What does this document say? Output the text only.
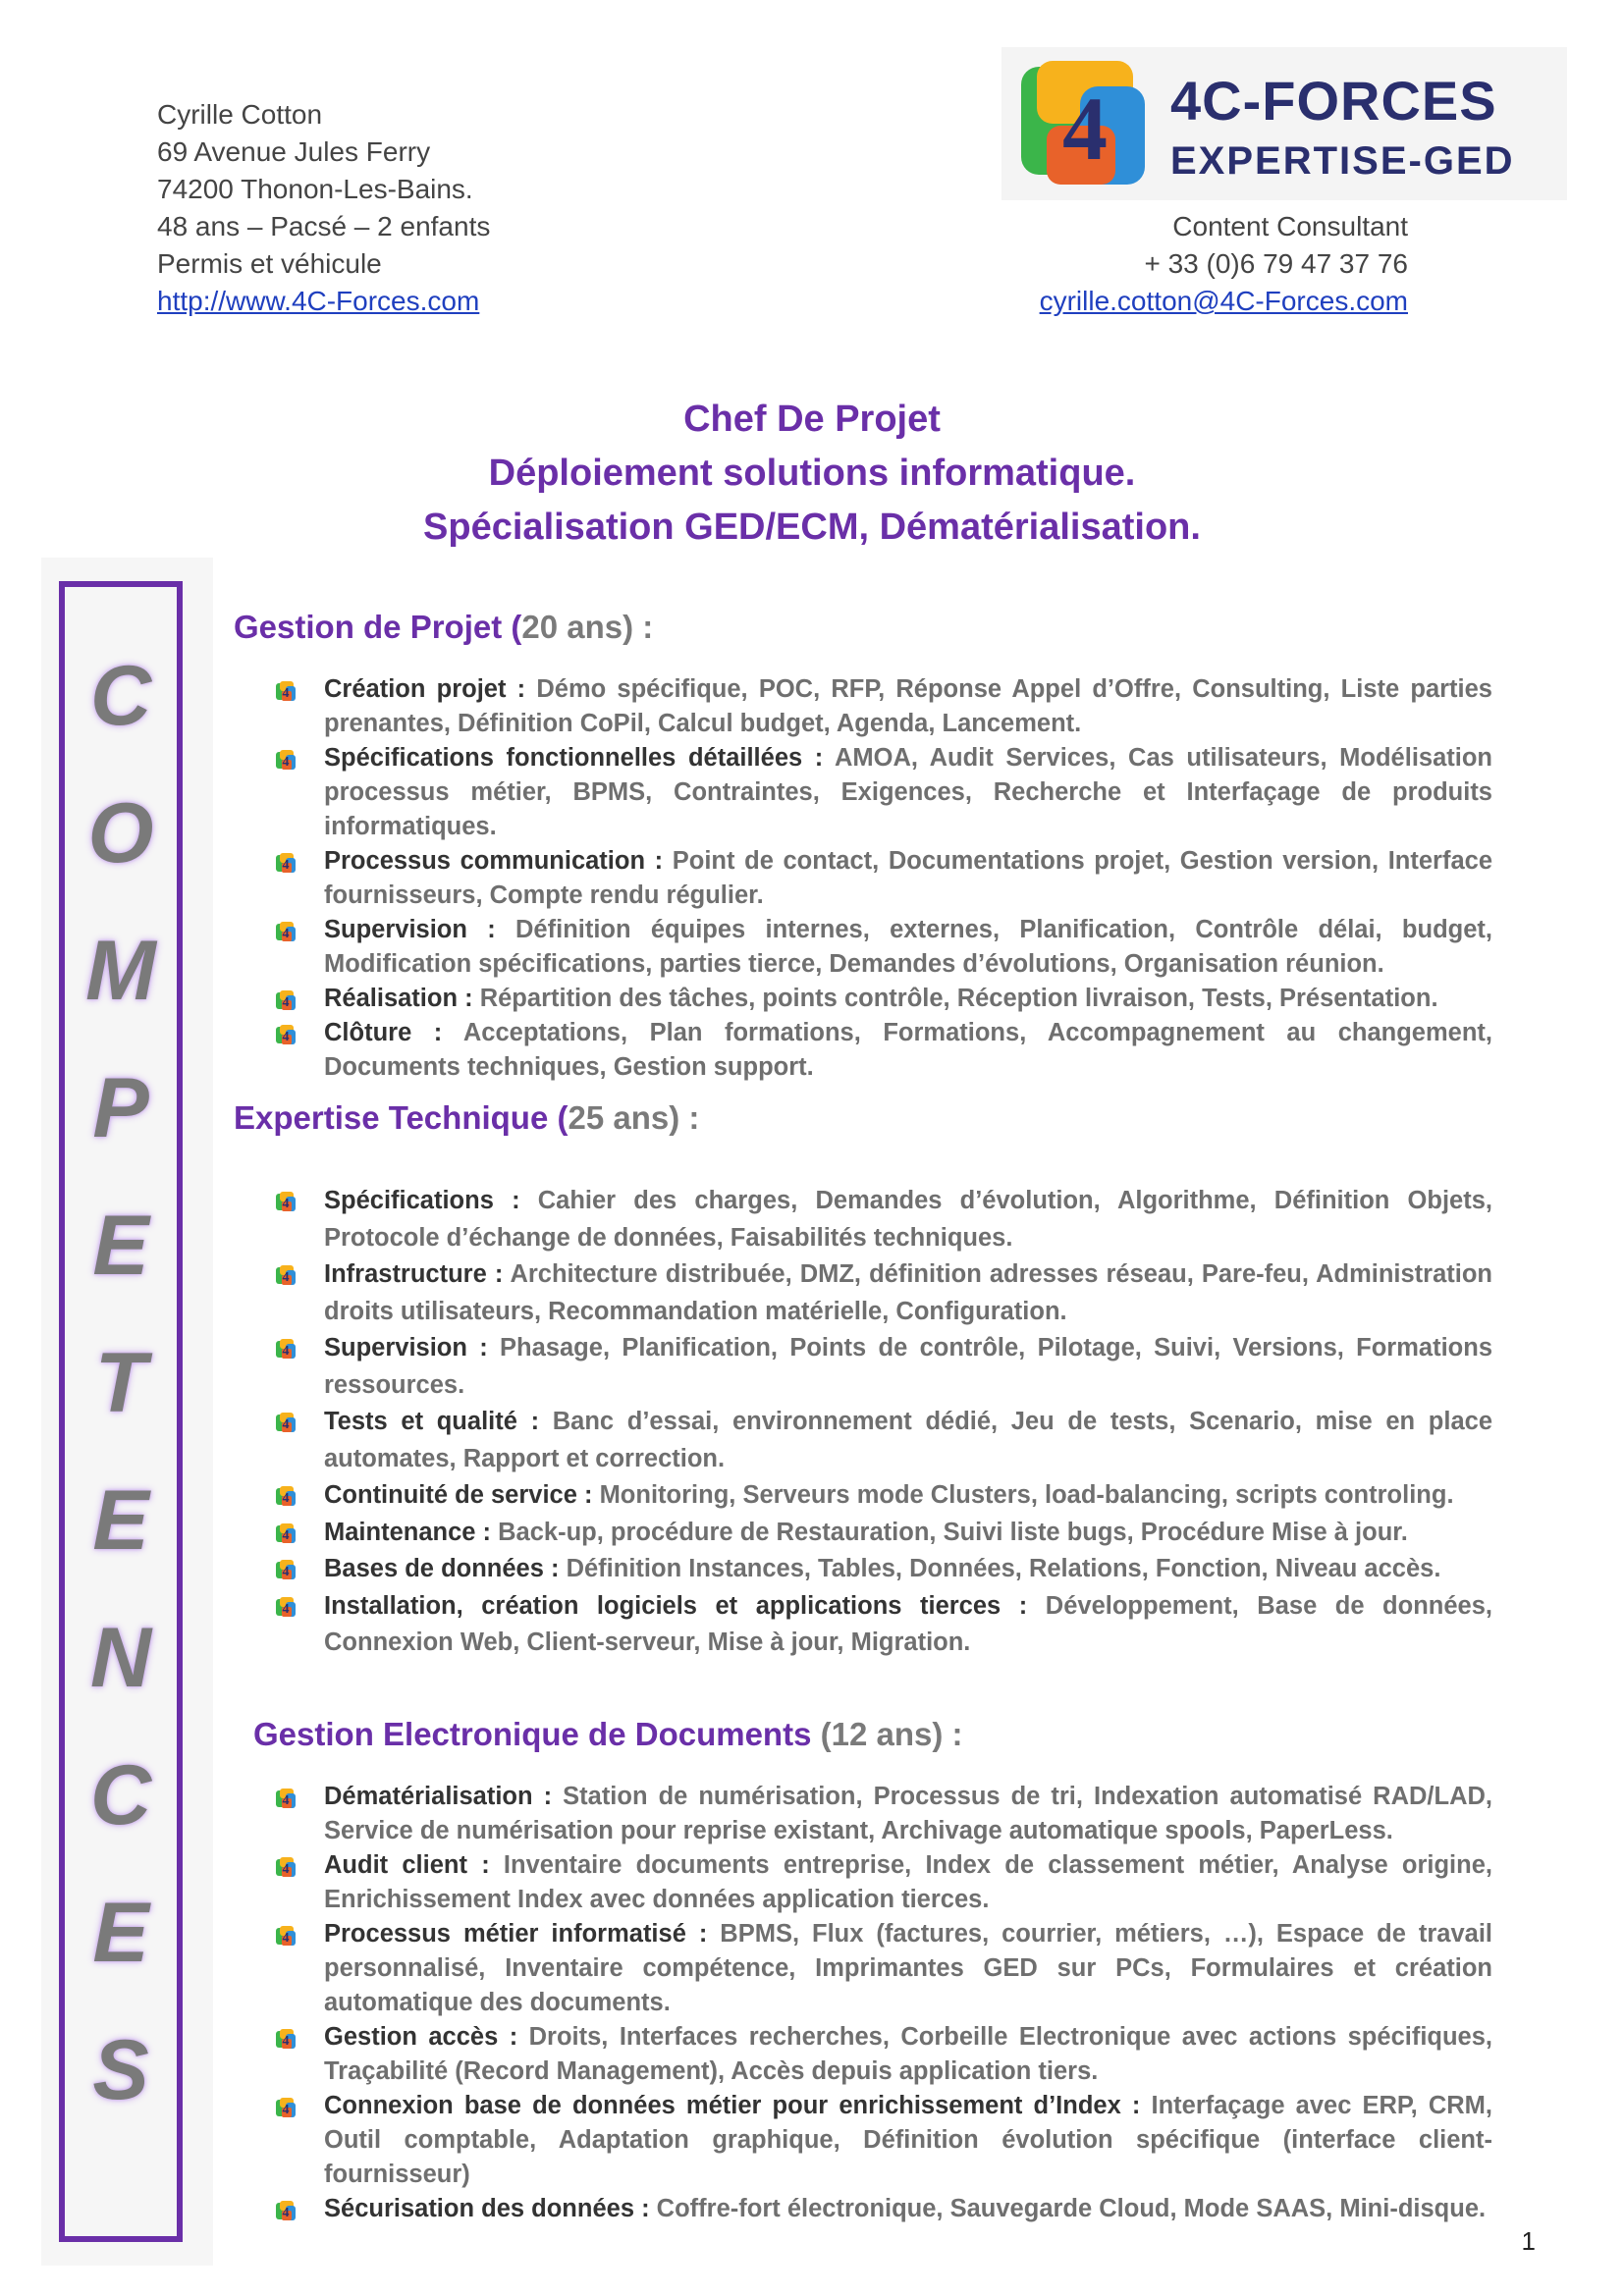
Cyrille Cotton
69 Avenue Jules Ferry
74200 Thonon-Les-Bains.
48 ans – Pacsé – 2 enfants
Permis et véhicule
http://www.4C-Forces.com
Content Consultant
+ 33 (0)6 79 47 37 76
cyrille.cotton@4C-Forces.com
4 4C-FORCES
EXPERTISE-GED
Chef De Projet
Déploiement solutions informatique.
Spécialisation GED/ECM, Dématérialisation.
C
O
M
P
E
T
E
N
C
E
S
Gestion de Projet (20 ans) :
4 Création projet : Démo spécifique, POC, RFP, Réponse Appel d’Offre, Consulting, Liste parties prenantes, Définition CoPil, Calcul budget, Agenda, Lancement.
4 Spécifications fonctionnelles détaillées : AMOA, Audit Services, Cas utilisateurs, Modélisation processus métier, BPMS, Contraintes, Exigences, Recherche et Interfaçage de produits informatiques.
4 Processus communication : Point de contact, Documentations projet, Gestion version, Interface fournisseurs, Compte rendu régulier.
4 Supervision : Définition équipes internes, externes, Planification, Contrôle délai, budget, Modification spécifications, parties tierce, Demandes d’évolutions, Organisation réunion.
4 Réalisation : Répartition des tâches, points contrôle, Réception livraison, Tests, Présentation.
4 Clôture : Acceptations, Plan formations, Formations, Accompagnement au changement, Documents techniques, Gestion support.
Expertise Technique (25 ans) :
4 Spécifications : Cahier des charges, Demandes d’évolution, Algorithme, Définition Objets, Protocole d’échange de données, Faisabilités techniques.
4 Infrastructure : Architecture distribuée, DMZ, définition adresses réseau, Pare-feu, Administration droits utilisateurs, Recommandation matérielle, Configuration.
4 Supervision : Phasage, Planification, Points de contrôle, Pilotage, Suivi, Versions, Formations ressources.
4 Tests et qualité : Banc d’essai, environnement dédié, Jeu de tests, Scenario, mise en place automates, Rapport et correction.
4 Continuité de service : Monitoring, Serveurs mode Clusters, load-balancing, scripts controling.
4 Maintenance : Back-up, procédure de Restauration, Suivi liste bugs, Procédure Mise à jour.
4 Bases de données : Définition Instances, Tables, Données, Relations, Fonction, Niveau accès.
4 Installation, création logiciels et applications tierces : Développement, Base de données, Connexion Web, Client-serveur, Mise à jour, Migration.
Gestion Electronique de Documents (12 ans) :
4 Dématérialisation : Station de numérisation, Processus de tri, Indexation automatisé RAD/LAD, Service de numérisation pour reprise existant, Archivage automatique spools, PaperLess.
4 Audit client : Inventaire documents entreprise, Index de classement métier, Analyse origine, Enrichissement Index avec données application tierces.
4 Processus métier informatisé : BPMS, Flux (factures, courrier, métiers, …), Espace de travail personnalisé, Inventaire compétence, Imprimantes GED sur PCs, Formulaires et création automatique des documents.
4 Gestion accès : Droits, Interfaces recherches, Corbeille Electronique avec actions spécifiques, Traçabilité (Record Management), Accès depuis application tiers.
4 Connexion base de données métier pour enrichissement d’Index : Interfaçage avec ERP, CRM, Outil comptable, Adaptation graphique, Définition évolution spécifique (interface client-fournisseur)
4 Sécurisation des données : Coffre-fort électronique, Sauvegarde Cloud, Mode SAAS, Mini-disque.
1
